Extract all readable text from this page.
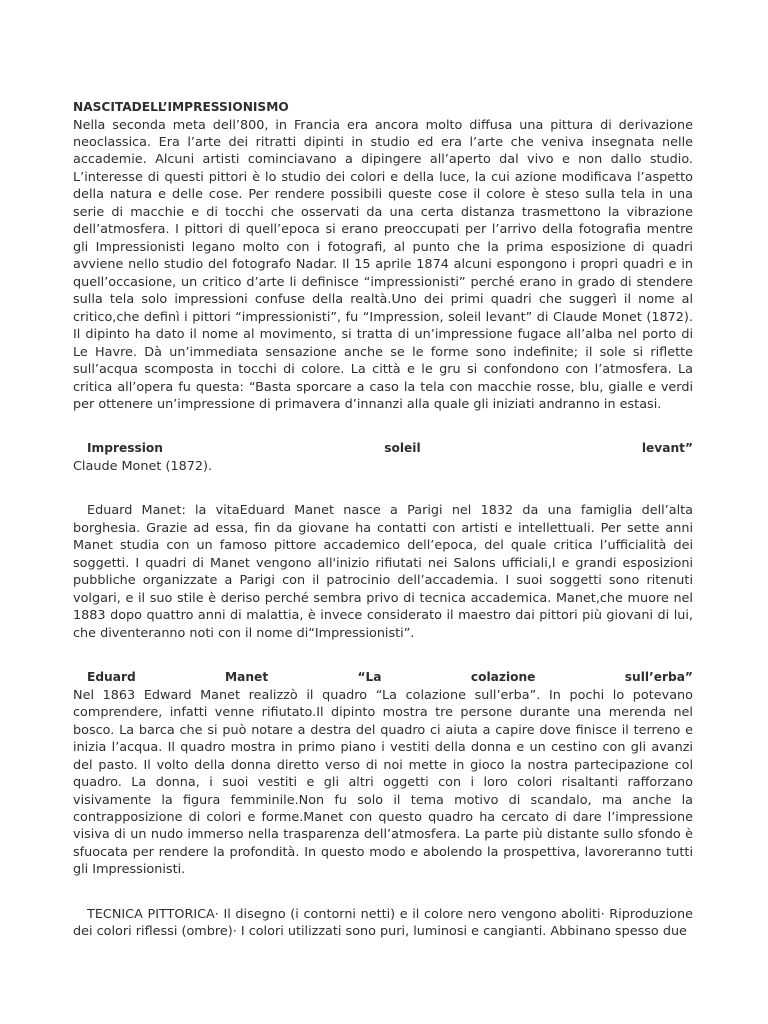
NASCITADELL’IMPRESSIONISMO

Nella seconda meta dell’800, in Francia era ancora molto diffusa una pittura di derivazione neoclassica. Era l’arte dei ritratti dipinti in studio ed era l’arte che veniva insegnata nelle accademie. Alcuni artisti cominciavano a dipingere all’aperto dal vivo e non dallo studio. L’interesse di questi pittori è lo studio dei colori e della luce, la cui azione modificava l’aspetto della natura e delle cose. Per rendere possibili queste cose il colore è steso sulla tela in una serie di macchie e di tocchi che osservati da una certa distanza trasmettono la vibrazione dell’atmosfera. I pittori di quell’epoca si erano preoccupati per l’arrivo della fotografia mentre gli Impressionisti legano molto con i fotografi, al punto che la prima esposizione di quadri avviene nello studio del fotografo Nadar. Il 15 aprile 1874 alcuni espongono i propri quadri e in quell’occasione, un critico d’arte li definisce “impressionisti” perché erano in grado di stendere sulla tela solo impressioni confuse della realtà.Uno dei primi quadri che suggerì il nome al critico,che definì i pittori “impressionisti”, fu “Impression, soleil levant” di Claude Monet (1872). Il dipinto ha dato il nome al movimento, si tratta di un’impressione fugace all’alba nel porto di Le Havre. Dà un’immediata sensazione anche se le forme sono indefinite; il sole si riflette sull’acqua scomposta in tocchi di colore. La città e le gru si confondono con l’atmosfera. La critica all’opera fu questa: “Basta sporcare a caso la tela con macchie rosse, blu, gialle e verdi per ottenere un’impressione di primavera d’innanzi alla quale gli iniziati andranno in estasi.

Impression	soleil	levant”

Claude Monet (1872).

Eduard Manet: la vitaEduard Manet nasce a Parigi nel 1832 da una famiglia dell’alta borghesia. Grazie ad essa, fin da giovane ha contatti con artisti e intellettuali. Per sette anni Manet studia con un famoso pittore accademico dell’epoca, del quale critica l’ufficialità dei soggetti. I quadri di Manet vengono all'inizio rifiutati nei Salons ufficiali,l e grandi esposizioni pubbliche organizzate a Parigi con il patrocinio dell’accademia. I suoi soggetti sono ritenuti volgari, e il suo stile è deriso perché sembra privo di tecnica accademica. Manet,che muore nel 1883 dopo quattro anni di malattia, è invece considerato il maestro dai pittori più giovani di lui, che diventeranno noti con il nome di“Impressionisti”.

Eduard	Manet	“La	colazione	sull’erba”

Nel 1863 Edward Manet realizzò il quadro “La colazione sull’erba”. In pochi lo potevano comprendere, infatti venne rifiutato.Il dipinto mostra tre persone durante una merenda nel bosco. La barca che si può notare a destra del quadro ci aiuta a capire dove finisce il terreno e inizia l’acqua. Il quadro mostra in primo piano i vestiti della donna e un cestino con gli avanzi del pasto. Il volto della donna diretto verso di noi mette in gioco la nostra partecipazione col quadro. La donna, i suoi vestiti e gli altri oggetti con i loro colori risaltanti rafforzano visivamente la figura femminile.Non fu solo il tema motivo di scandalo, ma anche la contrapposizione di colori e forme.Manet con questo quadro ha cercato di dare l’impressione visiva di un nudo immerso nella trasparenza dell’atmosfera. La parte più distante sullo sfondo è sfuocata per rendere la profondità. In questo modo e abolendo la prospettiva, lavoreranno tutti gli Impressionisti.

TECNICA PITTORICA· Il disegno (i contorni netti) e il colore nero vengono aboliti· Riproduzione dei colori riflessi (ombre)· I colori utilizzati sono puri, luminosi e cangianti. Abbinano spesso due
